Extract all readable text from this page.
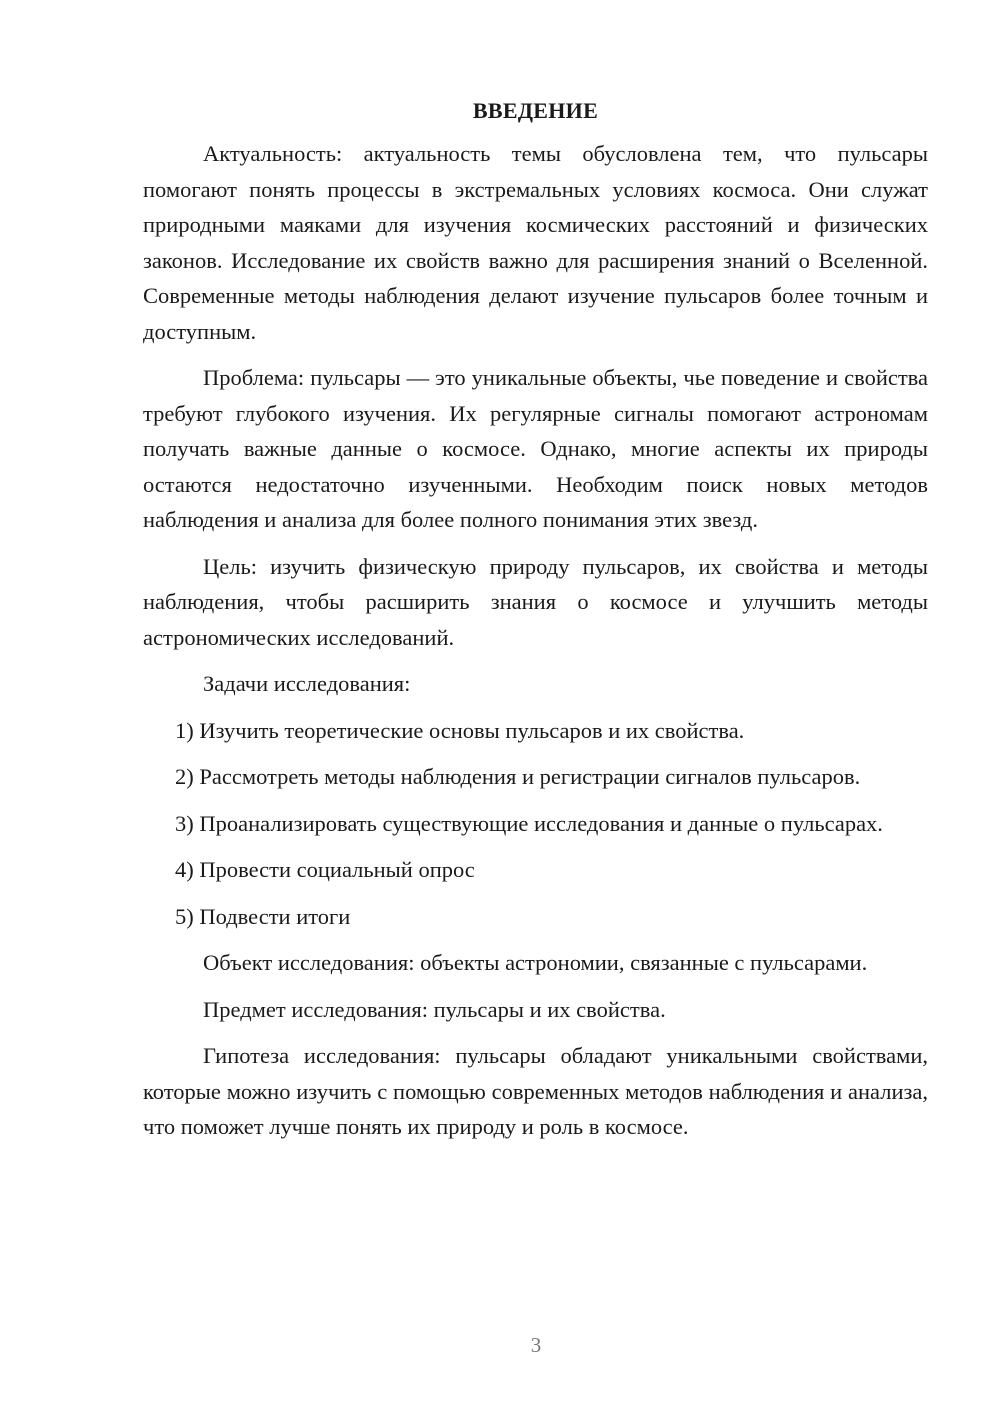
ВВЕДЕНИЕ

Актуальность: актуальность темы обусловлена тем, что пульсары помогают понять процессы в экстремальных условиях космоса. Они служат природными маяками для изучения космических расстояний и физических законов. Исследование их свойств важно для расширения знаний о Вселенной. Современные методы наблюдения делают изучение пульсаров более точным и доступным.

Проблема: пульсары — это уникальные объекты, чье поведение и свойства требуют глубокого изучения. Их регулярные сигналы помогают астрономам получать важные данные о космосе. Однако, многие аспекты их природы остаются недостаточно изученными. Необходим поиск новых методов наблюдения и анализа для более полного понимания этих звезд.

Цель: изучить физическую природу пульсаров, их свойства и методы наблюдения, чтобы расширить знания о космосе и улучшить методы астрономических исследований.

Задачи исследования:

1) Изучить теоретические основы пульсаров и их свойства.

2) Рассмотреть методы наблюдения и регистрации сигналов пульсаров.

3) Проанализировать существующие исследования и данные о пульсарах.

4) Провести социальный опрос

5) Подвести итоги

Объект исследования: объекты астрономии, связанные с пульсарами.

Предмет исследования: пульсары и их свойства.

Гипотеза исследования: пульсары обладают уникальными свойствами, которые можно изучить с помощью современных методов наблюдения и анализа, что поможет лучше понять их природу и роль в космосе.

3
